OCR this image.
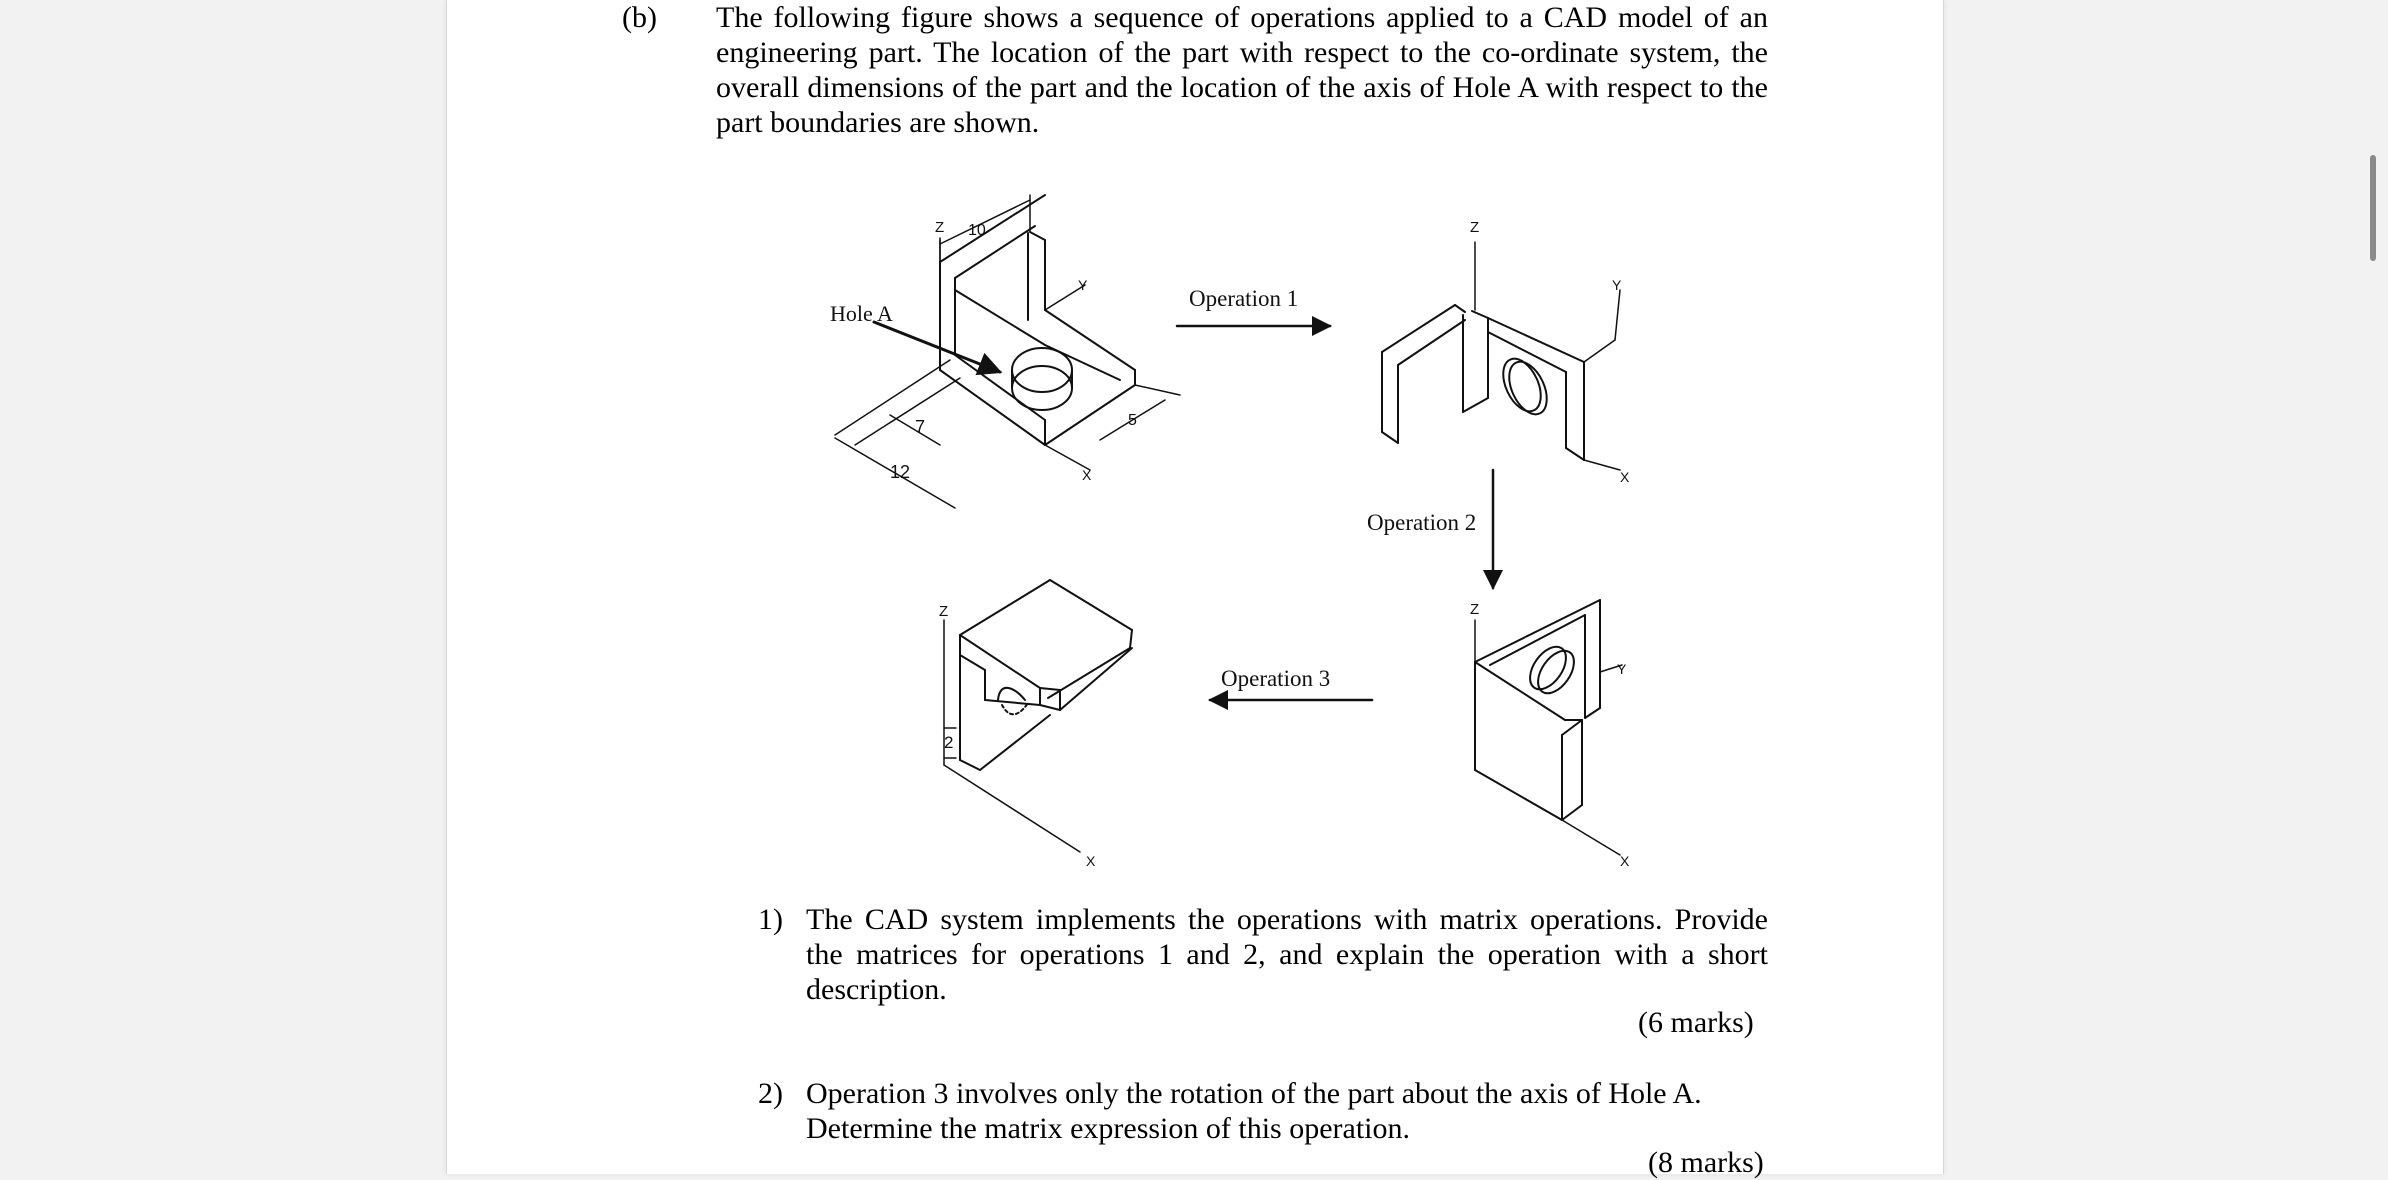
(b) The following figure shows a sequence of operations applied to a CAD model of an engineering part. The location of the part with respect to the co-ordinate system, the overall dimensions of the part and the location of the axis of Hole A with respect to the part boundaries are shown.
10
7
12
5
Z
Y
X
Hole A
Operation 1
Z
Y
X
Operation 2
Z
Y
X
Operation 3
Z
2
X
1) The CAD system implements the operations with matrix operations. Provide the matrices for operations 1 and 2, and explain the operation with a short description.
(6 marks)
2) Operation 3 involves only the rotation of the part about the axis of Hole A. Determine the matrix expression of this operation.
(8 marks)
